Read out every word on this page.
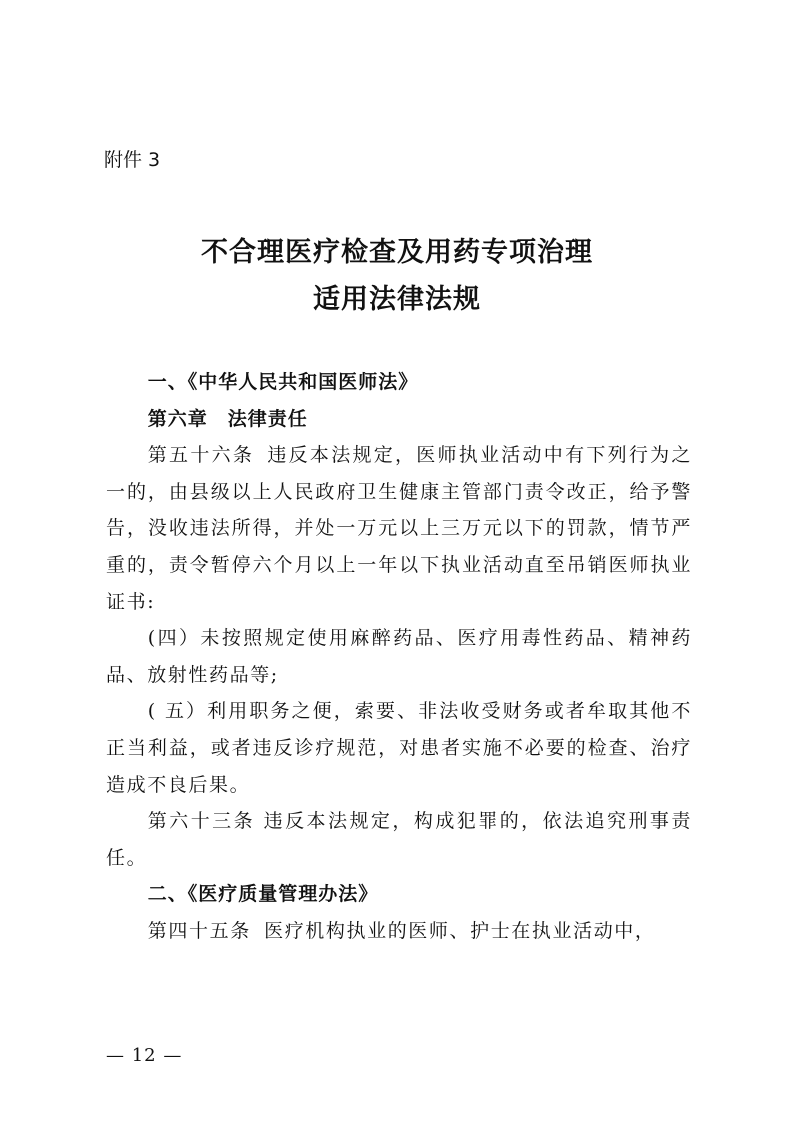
附件 3
不合理医疗检查及用药专项治理
适用法律法规

一、《中华人民共和国医师法》

第六章　法律责任

第五十六条 违反本法规定，医师执业活动中有下列行为之一的，由县级以上人民政府卫生健康主管部门责令改正，给予警告，没收违法所得，并处一万元以上三万元以下的罚款，情节严重的，责令暂停六个月以上一年以下执业活动直至吊销医师执业证书:

(四）未按照规定使用麻醉药品、医疗用毒性药品、精神药品、放射性药品等;

( 五）利用职务之便，索要、非法收受财务或者牟取其他不正当利益，或者违反诊疗规范，对患者实施不必要的检查、治疗造成不良后果。

第六十三条 违反本法规定，构成犯罪的，依法追究刑事责任。

二、《医疗质量管理办法》

第四十五条 医疗机构执业的医师、护士在执业活动中，

— 12 —
